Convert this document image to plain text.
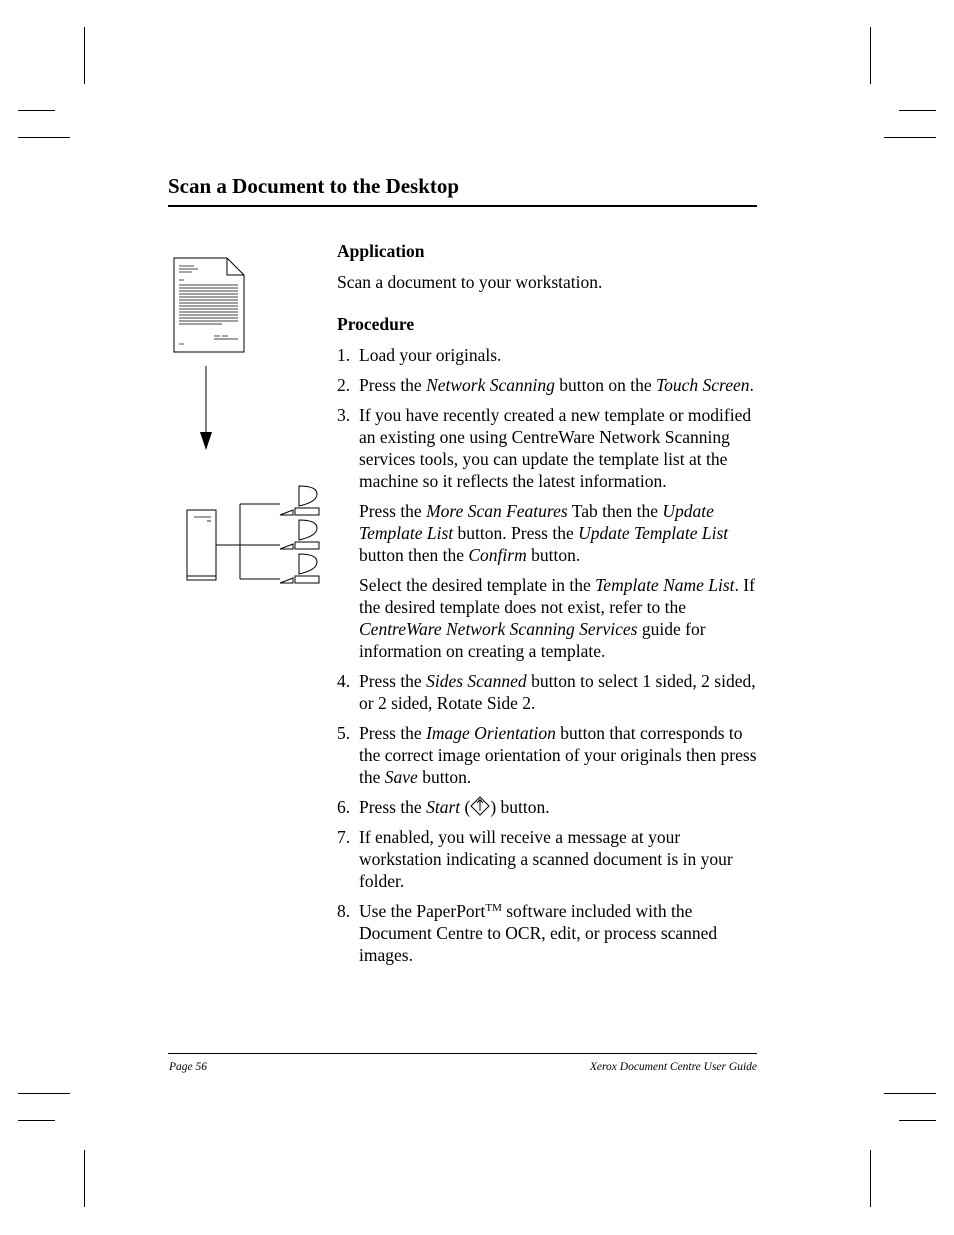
Scan a Document to the Desktop
Application
Scan a document to your workstation.
Procedure
1. Load your originals.
2. Press the Network Scanning button on the Touch Screen.
3. If you have recently created a new template or modified an existing one using CentreWare Network Scanning services tools, you can update the template list at the machine so it reflects the latest information.
Press the More Scan Features Tab then the Update Template List button. Press the Update Template List button then the Confirm button.
Select the desired template in the Template Name List. If the desired template does not exist, refer to the CentreWare Network Scanning Services guide for information on creating a template.
4. Press the Sides Scanned button to select 1 sided, 2 sided, or 2 sided, Rotate Side 2.
5. Press the Image Orientation button that corresponds to the correct image orientation of your originals then press the Save button.
6. Press the Start ( ) button.
7. If enabled, you will receive a message at your workstation indicating a scanned document is in your folder.
8. Use the PaperPort™ software included with the Document Centre to OCR, edit, or process scanned images.
Page 56	Xerox Document Centre User Guide
